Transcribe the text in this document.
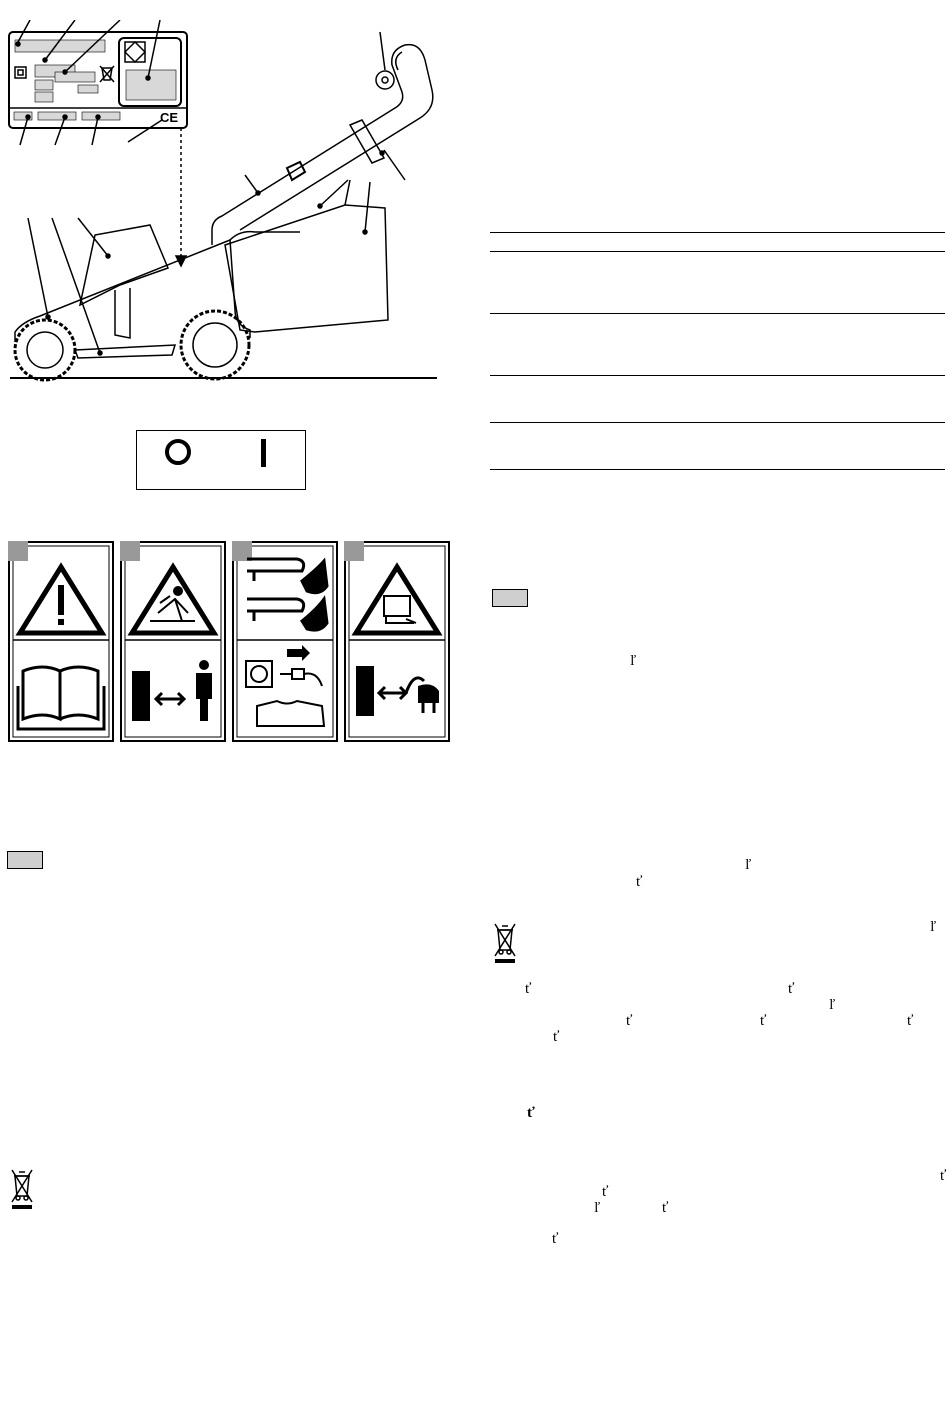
CE
ľ
ľ
ť
ľ
ť	ť
ľ
ť	ť	ť
ť
ť
ť
ť
ľ	ť
ť
